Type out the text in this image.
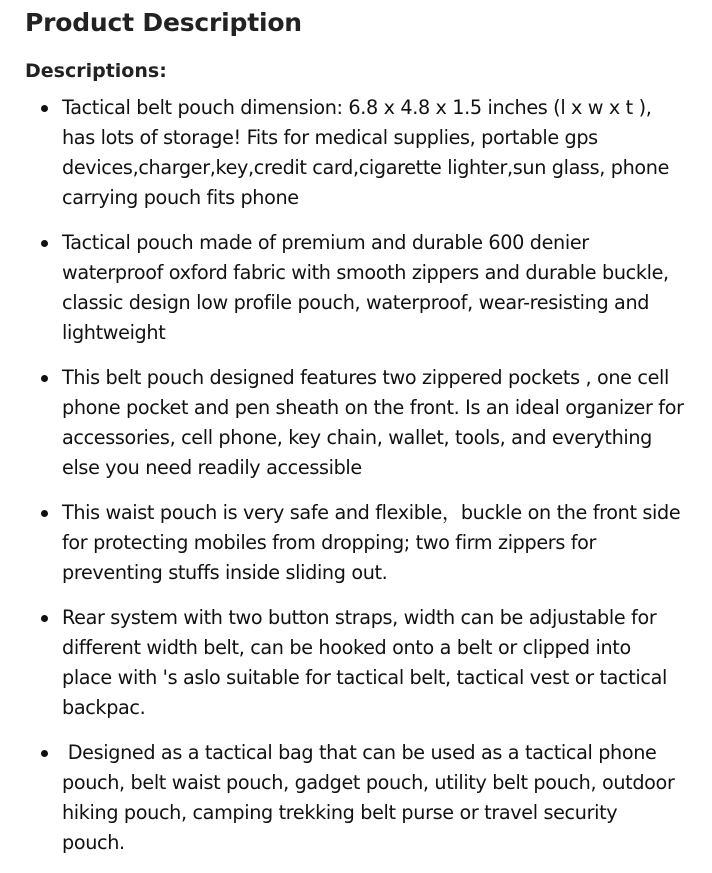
Product Description
Descriptions:
Tactical belt pouch dimension: 6.8 x 4.8 x 1.5 inches (l x w x t ), has lots of storage! Fits for medical supplies, portable gps devices,charger,key,credit card,cigarette lighter,sun glass, phone carrying pouch fits phone
Tactical pouch made of premium and durable 600 denier waterproof oxford fabric with smooth zippers and durable buckle, classic design low profile pouch, waterproof, wear-resisting and lightweight
This belt pouch designed features two zippered pockets , one cell phone pocket and pen sheath on the front. Is an ideal organizer for accessories, cell phone, key chain, wallet, tools, and everything else you need readily accessible
This waist pouch is very safe and flexible，buckle on the front side for protecting mobiles from dropping; two firm zippers for preventing stuffs inside sliding out.
Rear system with two button straps, width can be adjustable for different width belt, can be hooked onto a belt or clipped into place with 's aslo suitable for tactical belt, tactical vest or tactical backpac.
Designed as a tactical bag that can be used as a tactical phone pouch, belt waist pouch, gadget pouch, utility belt pouch, outdoor hiking pouch, camping trekking belt purse or travel security pouch.
